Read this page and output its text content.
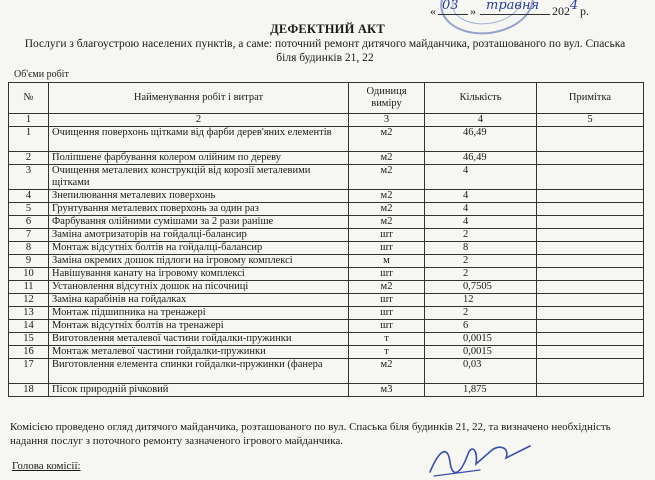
« 03 » травня 202 4 р.
ДЕФЕКТНИЙ АКТ
Послуги з благоустрою населених пунктів, а саме: поточний ремонт дитячого майданчика, розташованого по вул. Спаська біля будинків 21, 22
Об'єми робіт
№	Найменування робіт і витрат	Одиниця виміру	Кількість	Примітка
1	2	3	4	5
1	Очищення поверхонь щітками від фарби дерев'яних елементів	м2	46,49	
2	Поліпшене фарбування колером олійним по дереву	м2	46,49	
3	Очищення металевих конструкцій від корозії металевими щітками	м2	4	
4	Знепилювання металевих поверхонь	м2	4	
5	Грунтування металевих поверхонь за один раз	м2	4	
6	Фарбування олійними сумішами за 2 рази раніше	м2	4	
7	Заміна амотризаторів на гойдалці-балансир	шт	2	
8	Монтаж відсутніх болтів на гойдалці-балансир	шт	8	
9	Заміна окремих дошок підлоги на ігровому комплексі	м	2	
10	Навішування канату на ігровому комплексі	шт	2	
11	Установлення відсутніх дошок на пісочниці	м2	0,7505	
12	Заміна карабінів на гойдалках	шт	12	
13	Монтаж підшипника на тренажері	шт	2	
14	Монтаж відсутніх болтів на тренажері	шт	6	
15	Виготовлення металевої частини гойдалки-пружинки	т	0,0015	
16	Монтаж металевої частини гойдалки-пружинки	т	0,0015	
17	Виготовлення елемента спинки гойдалки-пружинки (фанера	м2	0,03	
18	Пісок природній річковий	м3	1,875	
Комісією проведено огляд дитячого майданчика, розташованого по вул. Спаська біля будинків 21, 22, та визначено необхідність надання послуг з поточного ремонту зазначеного ігрового майданчика.
Голова комісії:
